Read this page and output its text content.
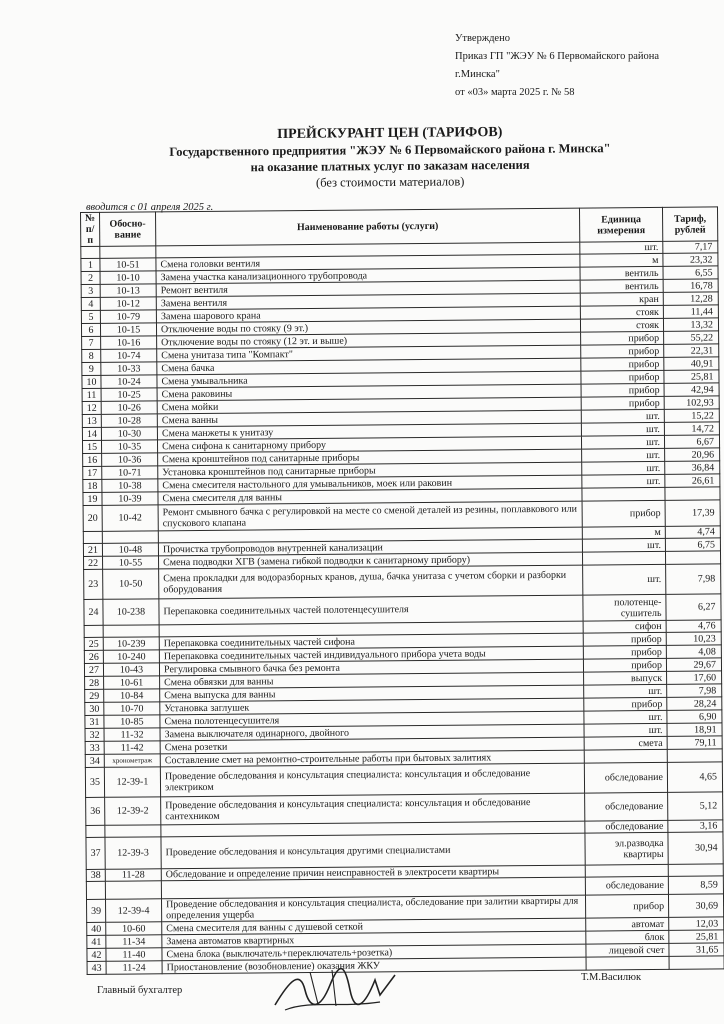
Утверждено
Приказ ГП "ЖЭУ № 6 Первомайского района
г.Минска"
от «03» марта 2025 г. № 58
ПРЕЙСКУРАНТ ЦЕН (ТАРИФОВ)
Государственного предприятия "ЖЭУ № 6 Первомайского района г. Минска"
на оказание платных услуг по заказам населения
(без стоимости материалов)
вводится с 01 апреля 2025 г.
№ п/п	Обосно-вание	Наименование работы (услуги)	Единица измерения	Тариф, рублей
			шт.	7,17
1	10-51	Смена головки вентиля	м	23,32
2	10-10	Замена участка канализационного трубопровода	вентиль	6,55
3	10-13	Ремонт вентиля	вентиль	16,78
4	10-12	Замена вентиля	кран	12,28
5	10-79	Замена шарового крана	стояк	11,44
6	10-15	Отключение воды по стояку (9 эт.)	стояк	13,32
7	10-16	Отключение воды по стояку (12 эт. и выше)	прибор	55,22
8	10-74	Смена унитаза типа "Компакт"	прибор	22,31
9	10-33	Смена бачка	прибор	40,91
10	10-24	Смена умывальника	прибор	25,81
11	10-25	Смена раковины	прибор	42,94
12	10-26	Смена мойки	прибор	102,93
13	10-28	Смена ванны	шт.	15,22
14	10-30	Смена манжеты к унитазу	шт.	14,72
15	10-35	Смена сифона к санитарному прибору	шт.	6,67
16	10-36	Смена кронштейнов под санитарные приборы	шт.	20,96
17	10-71	Установка кронштейнов под санитарные приборы	шт.	36,84
18	10-38	Смена смесителя настольного для умывальников, моек или раковин	шт.	26,61
19	10-39	Смена смесителя для ванны		
20	10-42	Ремонт смывного бачка с регулировкой на месте со сменой деталей из резины, поплавкового или спускового клапана	прибор	17,39
			м	4,74
21	10-48	Прочистка трубопроводов внутренней канализации	шт.	6,75
22	10-55	Смена подводки ХГВ (замена гибкой подводки к санитарному прибору)		
23	10-50	Смена прокладки для водоразборных кранов, душа, бачка унитаза с учетом сборки и разборки оборудования	шт.	7,98
24	10-238	Перепаковка соединительных частей полотенцесушителя	полотенце-сушитель	6,27
			сифон	4,76
25	10-239	Перепаковка соединительных частей сифона	прибор	10,23
26	10-240	Перепаковка соединительных частей индивидуального прибора учета воды	прибор	4,08
27	10-43	Регулировка смывного бачка без ремонта	прибор	29,67
28	10-61	Смена обвязки для ванны	выпуск	17,60
29	10-84	Смена выпуска для ванны	шт.	7,98
30	10-70	Установка заглушек	прибор	28,24
31	10-85	Смена полотенцесушителя	шт.	6,90
32	11-32	Замена выключателя одинарного, двойного	шт.	18,91
33	11-42	Смена розетки	смета	79,11
34	хронометраж	Составление смет на ремонтно-строительные работы при бытовых залитиях		
35	12-39-1	Проведение обследования и консультация специалиста: консультация и обследование электриком	обследование	4,65
36	12-39-2	Проведение обследования и консультация специалиста: консультация и обследование сантехником	обследование	5,12
			обследование	3,16
37	12-39-3	Проведение обследования и консультация другими специалистами	эл.разводка квартиры	30,94
38	11-28	Обследование и определение причин неисправностей в электросети квартиры		
			обследование	8,59
39	12-39-4	Проведение обследования и консультация специалиста, обследование при залитии квартиры для определения ущерба	прибор	30,69
40	10-60	Смена смесителя для ванны с душевой сеткой	автомат	12,03
41	11-34	Замена автоматов квартирных	блок	25,81
42	11-40	Смена блока (выключатель+переключатель+розетка)	лицевой счет	31,65
43	11-24	Приостановление (возобновление) оказания ЖКУ		
Главный бухгалтер
Т.М.Василюк
